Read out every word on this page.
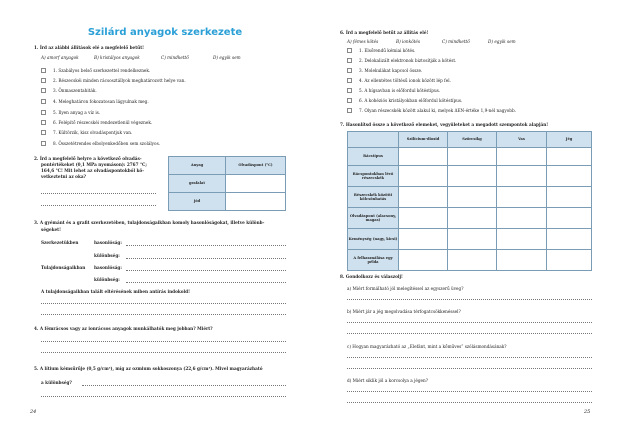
Szilárd anyagok szerkezete
1. Írd az alábbi állítások elé a megfelelő betűt!
A) amorf anyagok	B) kristályos anyagok	C) mindkettő	D) egyik sem
1. Szabályos belső szerkezettel rendelkeznek.
2. Részecskéi minden rácsosztállyok meghatározott helye van.
3. Önmaszentahiták.
4. Meleghatáron fokozatosan lágyulnak meg.
5. Ilyen anyag a víz is.
6. Felépítő részecskéi rendezetlenül végeznek.
7. Kültörzik, kisz olvadáspontjuk van.
8. Összetétrendes elbolyenkedőben sem szolályos.
2. Írd a megfelelő helyre a következő olvadás-
pontértékeket (0,1 MPa nyomáson): 2767 °C;
164,6 °C! Mit lehet az olvadáspontokból kö-
vetkeztetni az oka?
Anyag	Olvadáspont (°C)
grafalat	
jód	
3. A gyémánt és a grafit szerkezetében, tulajdonságaikban komoly hasonlóságokat, illetve különb-
ségeket!
Szerkezetükben	hasonlóság:
különbség:
Tulajdonságaikban hasonlóság:
különbség:
A tulajdonságaikban talált eltérésének miben antírás indokold!
4. A fémrácsos vagy az ionrácsos anyagok munkálhatók meg jobban? Miért?
5. A lítium kémsűrűje (0,5 g/cm³), míg az ozmium sokkoszonya (22,6 g/cm³). Mivel magyarázható
a különbség?
24
6. Írd a megfelelő betűt az állítás elé!
A) fémes kötés	B) ionkötés	C) mindkettő	D) egyik sem
1. Elsőrendű kémiai kötés.
2. Delokalizált elektronok biztosítják a kötést.
3. Molekulákat kapcsol össze.
4. Az ellentétes töltésű ionok között lép fel.
5. A hígsavban is előfordul kötéstípus.
6. A kohéziós kristályokban előfordul kötéstípus.
7. Olyan részecskék között alakul ki, melyek ΔEN-értéke 1,9-nél nagyobb.
7. Hasonlítsd össze a következő elemeket, vegyületeket a megadott szempontok alapján!
	Szilícium-dioxid	Szőrcsíkg	Vas	Jég
Rácstípus				
Rácspontokban lévő részecskék				
Részecskék közötti kölcsönhatás				
Olvadáspont (alacsony, magas)				
Keménység (nagy, kicsi)				
A felhasználása egy példa				
8. Gondolkozz és válaszolj!
a) Miért formálható jól melegítéssel az egyszerű üveg?
b) Miért jár a jég megolvadása térfogatcsökkenéssel?
c) Hogyan magyarázható az „Elefánt, mint a kőműves” szólásmondásának?
d) Miért siklik jól a korcsolya a jégen?
25
